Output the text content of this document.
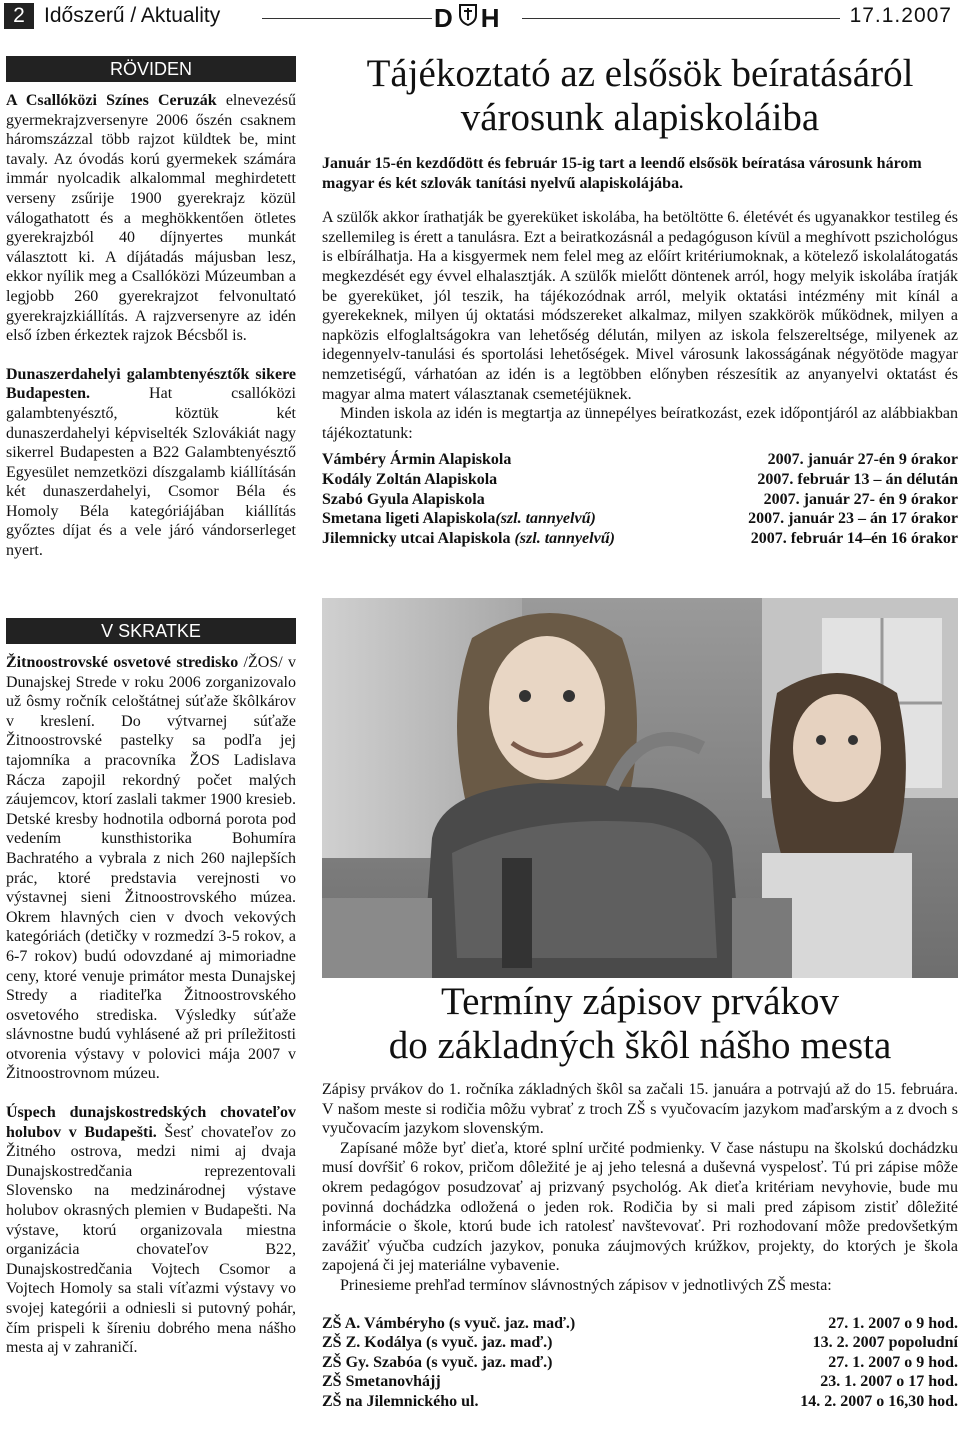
2 Időszerű / Aktuality	D H	17.1.2007
RÖVIDEN

A Csallóközi Színes Ceruzák elnevezésű gyermekrajzversenyre 2006 őszén csaknem háromszázzal több rajzot küldtek be, mint tavaly. Az óvodás korú gyermekek számára immár nyolcadik alkalommal meghirdetett verseny zsűrije 1900 gyerekrajz közül válogathatott és a meghökkentően ötletes gyerekrajzból 40 díjnyertes munkát választott ki. A díjátadás májusban lesz, ekkor nyílik meg a Csallóközi Múzeumban a legjobb 260 gyerekrajzot felvonultató gyerekrajzkiállítás. A rajzversenyre az idén első ízben érkeztek rajzok Bécsből is.

Dunaszerdahelyi galambtenyésztők sikere Budapesten. Hat csallóközi galambtenyésztő, köztük két dunaszerdahelyi képviselték Szlovákiát nagy sikerrel Budapesten a B22 Galambtenyésztő Egyesület nemzetközi díszgalamb kiállításán két dunaszerdahelyi, Csomor Béla és Homoly Béla kategóriájában kiállítás győztes díjat és a vele járó vándorserleget nyert.

V SKRATKE

Žitnoostrovské osvetové stredisko /ŽOS/ v Dunajskej Strede v roku 2006 zorganizovalo už ôsmy ročník celoštátnej súťaže škôlkárov v kreslení. Do výtvarnej súťaže Žitnoostrovské pastelky sa podľa jej tajomníka a pracovníka ŽOS Ladislava Rácza zapojil rekordný počet malých záujemcov, ktorí zaslali takmer 1900 kresieb. Detské kresby hodnotila odborná porota pod vedením kunsthistorika Bohumíra Bachratého a vybrala z nich 260 najlepších prác, ktoré predstavia verejnosti vo výstavnej sieni Žitnoostrovského múzea. Okrem hlavných cien v dvoch vekových kategóriách (detičky v rozmedzí 3-5 rokov, a 6-7 rokov) budú odovzdané aj mimoriadne ceny, ktoré venuje primátor mesta Dunajskej Stredy a riaditeľka Žitnoostrovského osvetového strediska. Výsledky súťaže slávnostne budú vyhlásené až pri príležitosti otvorenia výstavy v polovici mája 2007 v Žitnoostrovnom múzeu.

Úspech dunajskostredských chovateľov holubov v Budapešti. Šesť chovateľov zo Žitného ostrova, medzi nimi aj dvaja Dunajskostredčania reprezentovali Slovensko na medzinárodnej výstave holubov okrasných plemien v Budapešti. Na výstave, ktorú organizovala miestna organizácia chovateľov B22, Dunajskostredčania Vojtech Csomor a Vojtech Homoly sa stali víťazmi výstavy vo svojej kategórii a odniesli si putovný pohár, čím prispeli k šíreniu dobrého mena nášho mesta aj v zahraničí.

Tájékoztató az elsősök beíratásáról
városunk alapiskoláiba

Január 15-én kezdődött és február 15-ig tart a leendő elsősök beíratása városunk három magyar és két szlovák tanítási nyelvű alapiskolájába.

A szülők akkor írathatják be gyereküket iskolába, ha betöltötte 6. életévét és ugyanakkor testileg és szellemileg is érett a tanulásra. Ezt a beiratkozásnál a pedagóguson kívül a meghívott pszichológus is elbírálhatja. Ha a kisgyermek nem felel meg az előírt kritériumoknak, a kötelező iskolalátogatás megkezdését egy évvel elhalasztják. A szülők mielőtt döntenek arról, hogy melyik iskolába íratják be gyereküket, jól teszik, ha tájékozódnak arról, melyik oktatási intézmény mit kínál a gyerekeknek, milyen új oktatási módszereket alkalmaz, milyen szakkörök működnek, milyen a napközis elfoglaltságokra van lehetőség délután, milyen az iskola felszereltsége, milyenek az idegennyelv-tanulási és sportolási lehetőségek. Mivel városunk lakosságának négyötöde magyar nemzetiségű, várhatóan az idén is a legtöbben előnyben részesítik az anyanyelvi oktatást és magyar alma matert választanak csemetéjüknek.

Minden iskola az idén is megtartja az ünnepélyes beíratkozást, ezek időpontjáról az alábbiakban tájékoztatunk:

Vámbéry Ármin Alapiskola	2007. január 27-én 9 órakor
Kodály Zoltán Alapiskola	2007. február 13 – án délután
Szabó Gyula Alapiskola	2007. január 27- én 9 órakor
Smetana ligeti Alapiskola(szl. tannyelvű)	2007. január 23 – án 17 órakor
Jilemnicky utcai Alapiskola (szl. tannyelvű)	2007. február 14–én 16 órakor
Termíny zápisov prvákov
do základných škôl nášho mesta

Zápisy prvákov do 1. ročníka základných škôl sa začali 15. januára a potrvajú až do 15. februára. V našom meste si rodičia môžu vybrať z troch ZŠ s vyučovacím jazykom maďarským a z dvoch s vyučovacím jazykom slovenským.

Zapísané môže byť dieťa, ktoré splní určité podmienky. V čase nástupu na školskú dochádzku musí dovŕšiť 6 rokov, pričom dôležité je aj jeho telesná a duševná vyspelosť. Tú pri zápise môže okrem pedagógov posudzovať aj prizvaný psychológ. Ak dieťa kritériam nevyhovie, bude mu povinná dochádzka odložená o jeden rok. Rodičia by si mali pred zápisom zistiť dôležité informácie o škole, ktorú bude ich ratolesť navštevovať. Pri rozhodovaní môže predovšetkým zavážiť výučba cudzích jazykov, ponuka záujmových krúžkov, projekty, do ktorých je škola zapojená či jej materiálne vybavenie.

Prinesieme prehľad termínov slávnostných zápisov v jednotlivých ZŠ mesta:

ZŠ A. Vámbéryho (s vyuč. jaz. maď.)	27. 1. 2007 o 9 hod.
ZŠ Z. Kodálya (s vyuč. jaz. maď.)	13. 2. 2007 popoludní
ZŠ Gy. Szabóa (s vyuč. jaz. maď.)	27. 1. 2007 o 9 hod.
ZŠ Smetanovhájj	23. 1. 2007 o 17 hod.
ZŠ na Jilemnického ul.	14. 2. 2007 o 16,30 hod.
